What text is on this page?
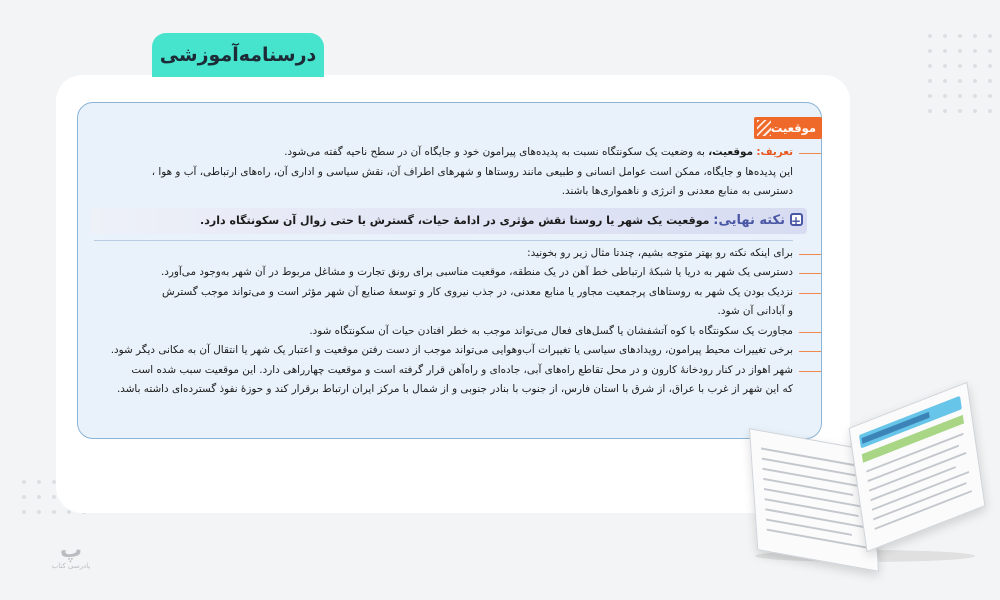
درسنامه‌آموزشی
موقعیت

تعریف: موقعیت، به وضعیت یک سکونتگاه نسبت به پدیده‌های پیرامون خود و جایگاه آن در سطح ناحیه گفته می‌شود.

این پدیده‌ها و جایگاه، ممکن است عوامل انسانی و طبیعی مانند روستاها و شهرهای اطراف آن، نقش سیاسی و اداری آن، راه‌های ارتباطی، آب و هوا ،

دسترسی به منابع معدنی و انرژی و ناهمواری‌ها باشند.

+
نکته نهایی: موقعیت یک شهر یا روستا نقش مؤثری در ادامهٔ حیات، گسترش یا حتی زوال آن سکونتگاه دارد.

برای اینکه نکته رو بهتر متوجه بشیم، چندتا مثال زیر رو بخونید:

دسترسی یک شهر به دریا یا شبکهٔ ارتباطی خط آهن در یک منطقه، موقعیت مناسبی برای رونق تجارت و مشاغل مربوط در آن شهر به‌وجود می‌آورد.

نزدیک بودن یک شهر به روستاهای پرجمعیت مجاور یا منابع معدنی، در جذب نیروی کار و توسعهٔ صنایع آن شهر مؤثر است و می‌تواند موجب گسترش

و آبادانی آن شود.

مجاورت یک سکونتگاه با کوه آتشفشان یا گسل‌های فعال می‌تواند موجب به خطر افتادن حیات آن سکونتگاه شود.

برخی تغییرات محیط پیرامون، رویدادهای سیاسی یا تغییرات آب‌وهوایی می‌تواند موجب از دست رفتن موقعیت و اعتبار یک شهر یا انتقال آن به مکانی دیگر شود.

شهر اهواز در کنار رودخانهٔ کارون و در محل تقاطع راه‌های آبی، جاده‌ای و راه‌آهن قرار گرفته است و موقعیت چهارراهی دارد. این موقعیت سبب شده است

که این شهر از غرب با عراق، از شرق با استان فارس، از جنوب با بنادر جنوبی و از شمال با مرکز ایران ارتباط برقرار کند و حوزهٔ نفوذ گسترده‌ای داشته باشد.

پ
پادرسی کتاب
